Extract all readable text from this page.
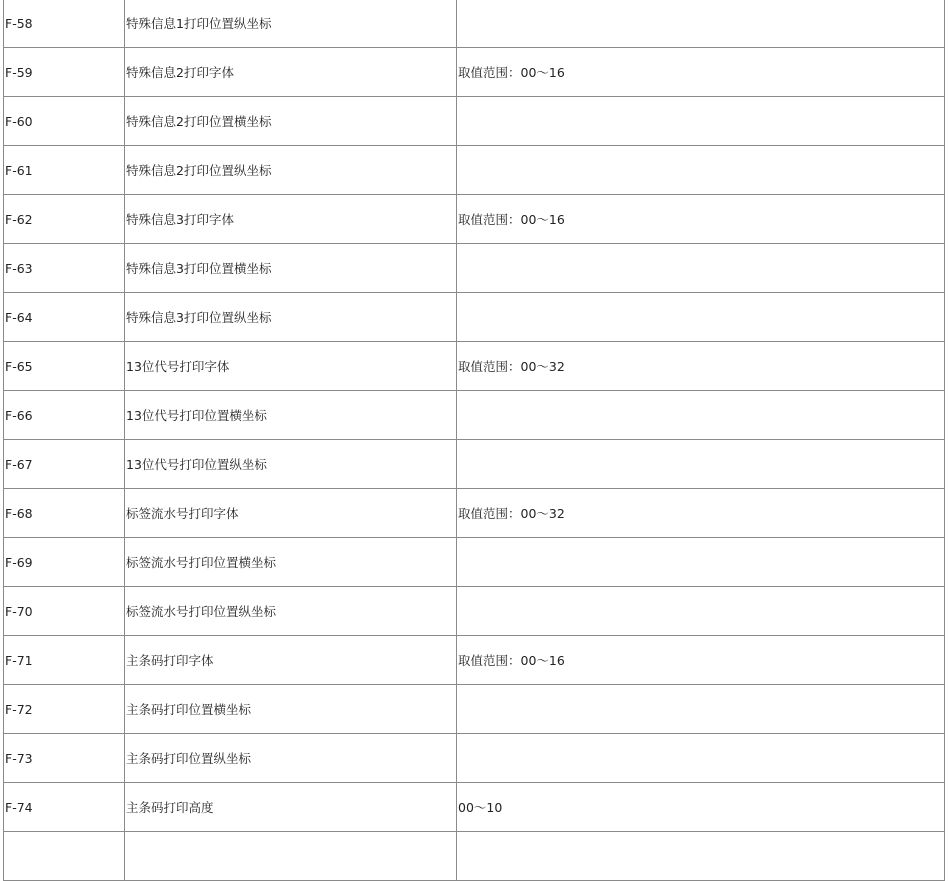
F-58	特殊信息1打印位置纵坐标	
F-59	特殊信息2打印字体	取值范围：00～16
F-60	特殊信息2打印位置横坐标	
F-61	特殊信息2打印位置纵坐标	
F-62	特殊信息3打印字体	取值范围：00～16
F-63	特殊信息3打印位置横坐标	
F-64	特殊信息3打印位置纵坐标	
F-65	13位代号打印字体	取值范围：00～32
F-66	13位代号打印位置横坐标	
F-67	13位代号打印位置纵坐标	
F-68	标签流水号打印字体	取值范围：00～32
F-69	标签流水号打印位置横坐标	
F-70	标签流水号打印位置纵坐标	
F-71	主条码打印字体	取值范围：00～16
F-72	主条码打印位置横坐标	
F-73	主条码打印位置纵坐标	
F-74	主条码打印高度	00～10
